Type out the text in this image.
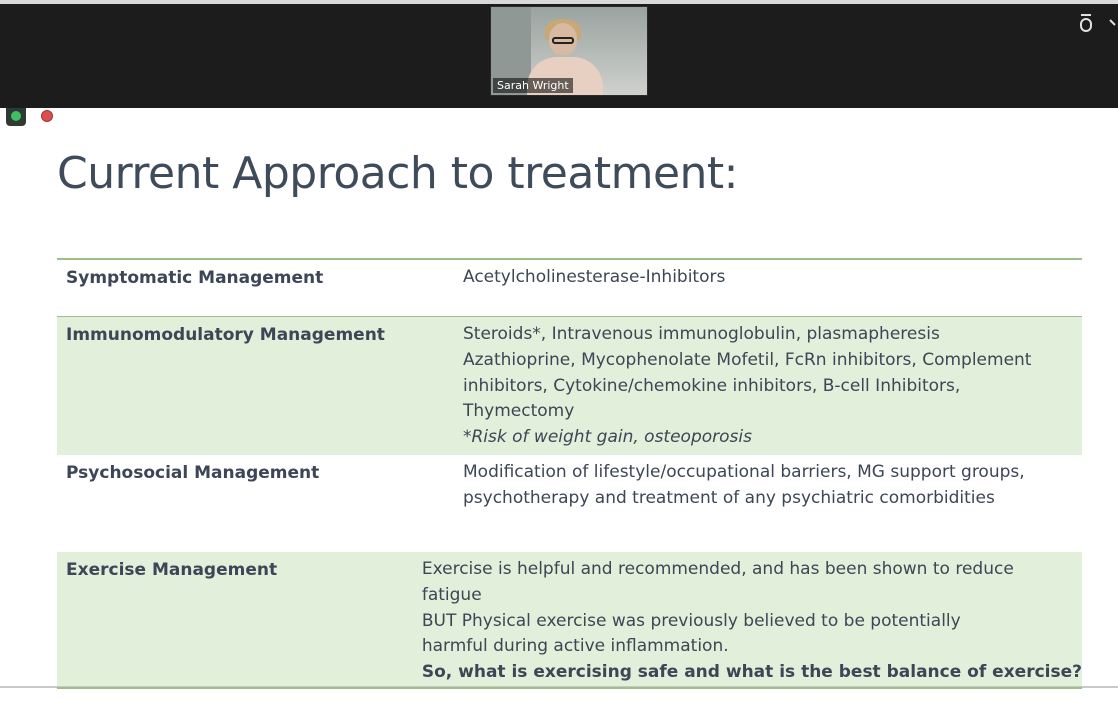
Sarah Wright
Current Approach to treatment:
Symptomatic Management	Acetylcholinesterase-Inhibitors
Immunomodulatory Management	Steroids*, Intravenous immunoglobulin, plasmapheresis
Azathioprine, Mycophenolate Mofetil, FcRn inhibitors, Complement
inhibitors, Cytokine/chemokine inhibitors, B-cell Inhibitors,
Thymectomy
*Risk of weight gain, osteoporosis
Psychosocial Management	Modification of lifestyle/occupational barriers, MG support groups,
psychotherapy and treatment of any psychiatric comorbidities
Exercise Management	Exercise is helpful and recommended, and has been shown to reduce
fatigue
BUT Physical exercise was previously believed to be potentially
harmful during active inflammation.
So, what is exercising safe and what is the best balance of exercise?
